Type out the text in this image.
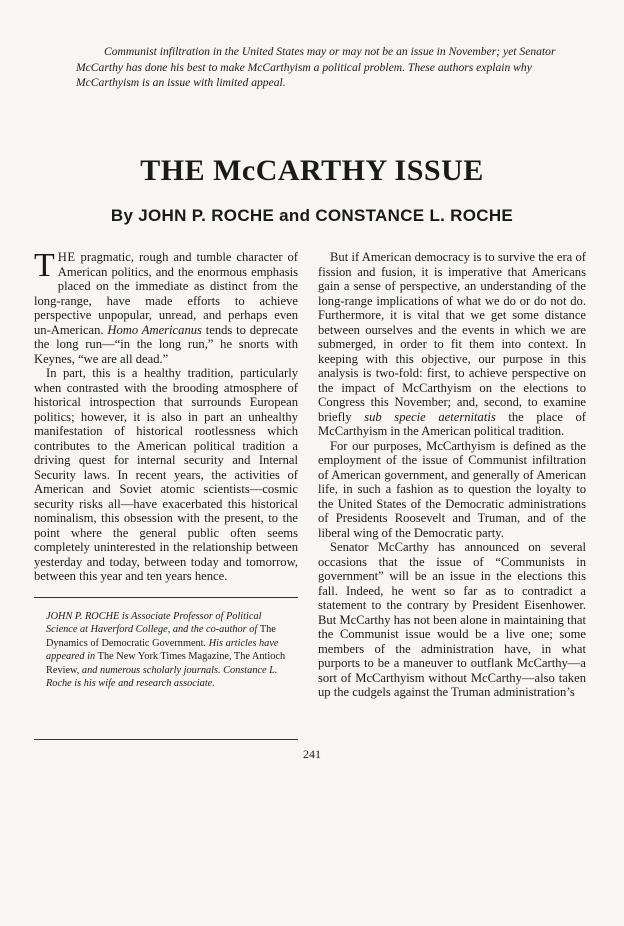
Communist infiltration in the United States may or may not be an issue in November; yet Senator McCarthy has done his best to make McCarthyism a political problem. These authors explain why McCarthyism is an issue with limited appeal.
THE McCARTHY ISSUE
By JOHN P. ROCHE and CONSTANCE L. ROCHE

THE pragmatic, rough and tumble character of American politics, and the enormous emphasis placed on the immediate as distinct from the long-range, have made efforts to achieve perspective unpopular, unread, and perhaps even un-American. Homo Americanus tends to deprecate the long run—“in the long run,” he snorts with Keynes, “we are all dead.”

In part, this is a healthy tradition, particularly when contrasted with the brooding atmosphere of historical introspection that surrounds European politics; however, it is also in part an unhealthy manifestation of historical rootlessness which contributes to the American political tradition a driving quest for internal security and Internal Security laws. In recent years, the activities of American and Soviet atomic scientists—cosmic security risks all—have exacerbated this historical nominalism, this obsession with the present, to the point where the general public often seems completely uninterested in the relationship between yesterday and today, between today and tomorrow, between this year and ten years hence.

JOHN P. ROCHE is Associate Professor of Political Science at Haverford College, and the co-author of The Dynamics of Democratic Government. His articles have appeared in The New York Times Magazine, The Antioch Review, and numerous scholarly journals. Constance L. Roche is his wife and research associate.

But if American democracy is to survive the era of fission and fusion, it is imperative that Americans gain a sense of perspective, an understanding of the long-range implications of what we do or do not do. Furthermore, it is vital that we get some distance between ourselves and the events in which we are submerged, in order to fit them into context. In keeping with this objective, our purpose in this analysis is two-fold: first, to achieve perspective on the impact of McCarthyism on the elections to Congress this November; and, second, to examine briefly sub specie aeternitatis the place of McCarthyism in the American political tradition.

For our purposes, McCarthyism is defined as the employment of the issue of Communist infiltration of American government, and generally of American life, in such a fashion as to question the loyalty to the United States of the Democratic administrations of Presidents Roosevelt and Truman, and of the liberal wing of the Democratic party.

Senator McCarthy has announced on several occasions that the issue of “Communists in government” will be an issue in the elections this fall. Indeed, he went so far as to contradict a statement to the contrary by President Eisenhower. But McCarthy has not been alone in maintaining that the Communist issue would be a live one; some members of the administration have, in what purports to be a maneuver to outflank McCarthy—a sort of McCarthyism without McCarthy—also taken up the cudgels against the Truman administration’s

241
